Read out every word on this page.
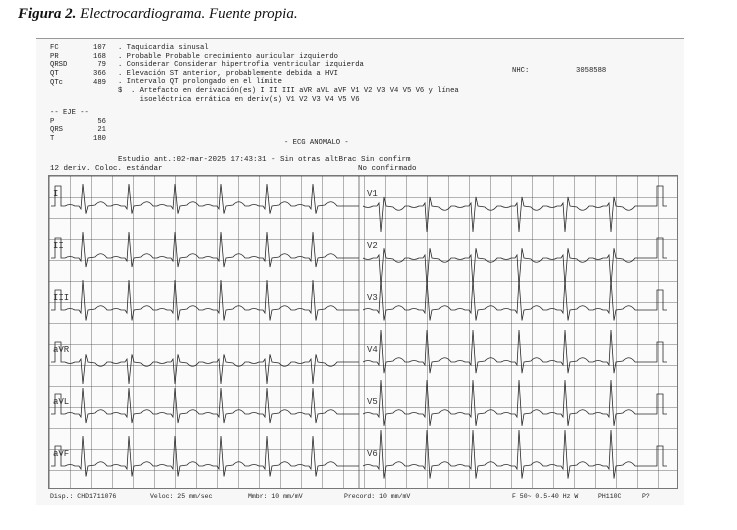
Figura 2. Electrocardiograma. Fuente propia.
FC	107
PR	168
QRSD	79
QT	366
QTc	489
. Taquicardia sinusal
. Probable Probable crecimiento auricular izquierdo
. Considerar Considerar hipertrofia ventricular izquierda
. Elevación ST anterior, probablemente debida a HVI
. Intervalo QT prolongado en el límite
$  . Artefacto en derivación(es) I II III aVR aVL aVF V1 V2 V3 V4 V5 V6 y línea
isoeléctrica errática en deriv(s) V1 V2 V3 V4 V5 V6
NHC:	3058588
-- EJE --
P	56
QRS	21
T	180	- ECG ANOMALO -
Estudio ant.:02-mar-2025 17:43:31 - Sin otras altBrac Sin confirm
12 deriv. Coloc. estándar	No confirmado
I	V1
II	V2
III	V3
aVR	V4
aVL	V5
aVF	V6
Disp.: CHD1711076	Veloc: 25 mm/sec	Mmbr: 10 mm/mV	Precord: 10 mm/mV	F 50~ 0.5-40 Hz W	PH110C	P?
